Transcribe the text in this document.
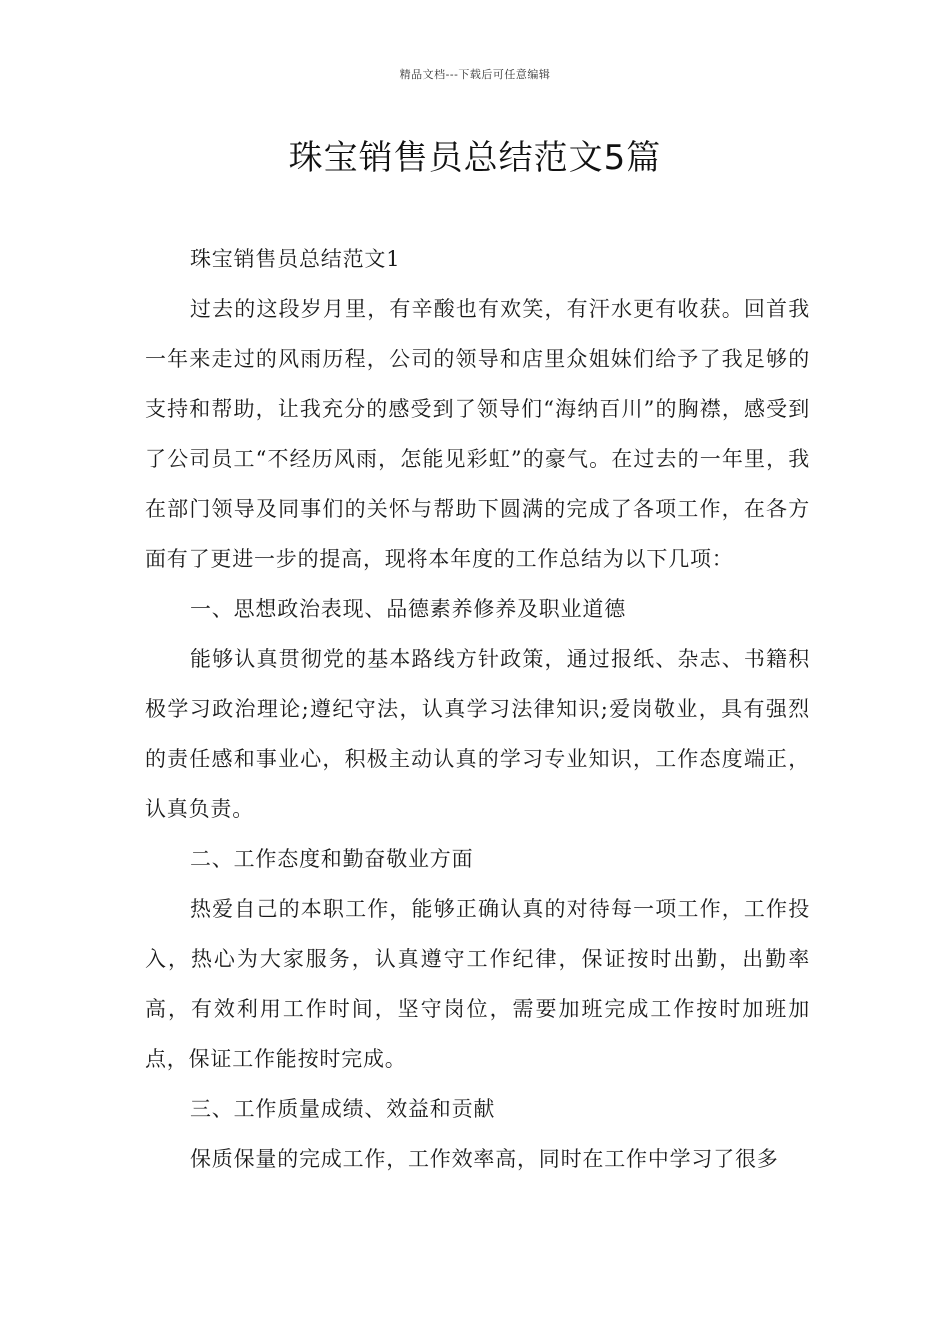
精品文档---下载后可任意编辑
珠宝销售员总结范文5篇

珠宝销售员总结范文1

过去的这段岁月里，有辛酸也有欢笑，有汗水更有收获。回首我一年来走过的风雨历程，公司的领导和店里众姐妹们给予了我足够的支持和帮助，让我充分的感受到了领导们“海纳百川”的胸襟，感受到了公司员工“不经历风雨，怎能见彩虹”的豪气。在过去的一年里，我在部门领导及同事们的关怀与帮助下圆满的完成了各项工作，在各方面有了更进一步的提高，现将本年度的工作总结为以下几项：

一、思想政治表现、品德素养修养及职业道德

能够认真贯彻党的基本路线方针政策，通过报纸、杂志、书籍积极学习政治理论;遵纪守法，认真学习法律知识;爱岗敬业，具有强烈的责任感和事业心，积极主动认真的学习专业知识，工作态度端正，认真负责。

二、工作态度和勤奋敬业方面

热爱自己的本职工作，能够正确认真的对待每一项工作，工作投入，热心为大家服务，认真遵守工作纪律，保证按时出勤，出勤率高，有效利用工作时间，坚守岗位，需要加班完成工作按时加班加点，保证工作能按时完成。

三、工作质量成绩、效益和贡献

保质保量的完成工作，工作效率高，同时在工作中学习了很多
